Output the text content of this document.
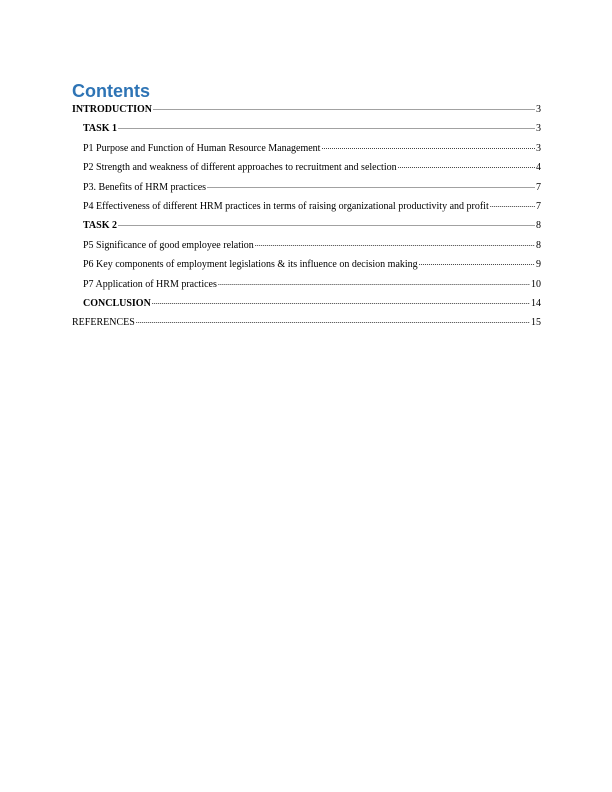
Contents
INTRODUCTION .....	3
TASK 1 .....	3
P1 Purpose and Function of Human Resource Management .....	3
P2 Strength and weakness of different approaches to recruitment and selection .....	4
P3. Benefits of HRM practices .....	7
P4 Effectiveness of different HRM practices in terms of raising organizational productivity and profit .....	7
TASK 2 .....	8
P5 Significance of good employee relation .....	8
P6 Key components of employment legislations & its influence on decision making .....	9
P7 Application of HRM practices .....	10
CONCLUSION .....	14
REFERENCES .....	15
